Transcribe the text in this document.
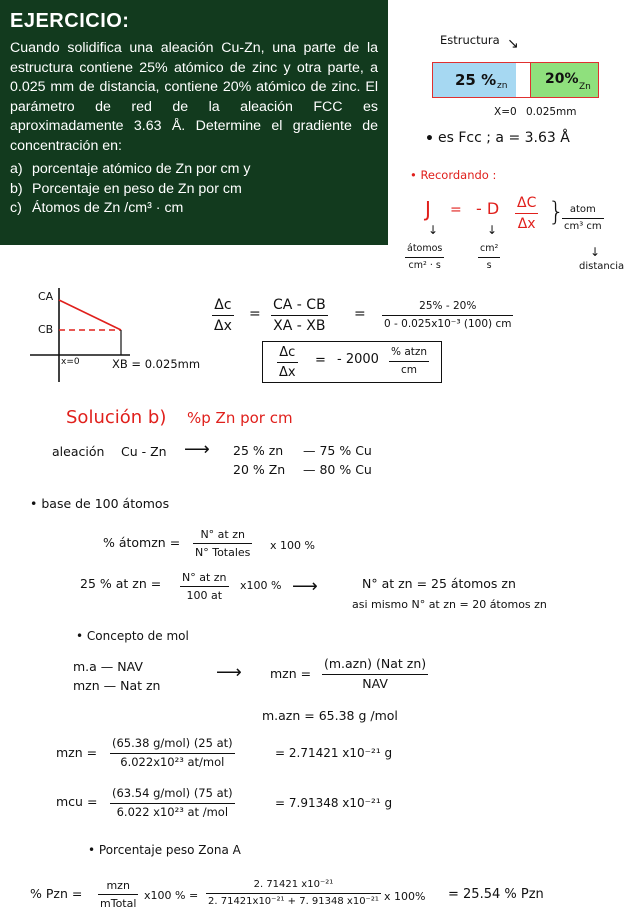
EJERCICIO:
Cuando solidifica una aleación Cu-Zn, una parte de la estructura contiene 25% atómico de zinc y otra parte, a 0.025 mm de distancia, contiene 20% atómico de zinc. El parámetro de red de la aleación FCC es aproximadamente 3.63 Å. Determine el gradiente de concentración en:
a) porcentaje atómico de Zn por cm y
b) Porcentaje en peso de Zn por cm
c) Átomos de Zn /cm³ · cm
Estructura ↘
25 % zn	20% Zn
X=0 0.025mm
• es Fcc ; a = 3.63 Å
• Recordando :
J = - D $\frac{\Delta C}{\Delta x}$ } atom
cm³ cm
↓	↓
↓
átomos
cm² · s	$\frac{\text{cm²}}{s}$	distancia
CA
CB
x=0	XB = 0.025mm
$\frac{\Delta c}{\Delta x} = \frac{CA - CB}{XA - XB} = \frac{25\% - 20\%}{\text{0 - 0.025x10⁻³ (100) cm}}$
$\frac{\Delta c}{\Delta x}$ = - 2000 % atzn
cm
Solución b) %p Zn por cm
aleación Cu - Zn ⟶ 25 % zn — 75 % Cu
20 % Zn — 80 % Cu
• base de 100 átomos
% átomzn =
N° at zn
N° Totales
x 100 %
25 % at zn = $\frac{\text{N° at zn}}{100 at} x100$ % ⟶	N° at zn = 25 átomos zn
asi mismo N° at zn = 20 átomos zn
• Concepto de mol
m.a — NAV
mzn — Nat zn
⟶ mzn =
(m.azn) (Nat zn)
NAV
m.azn = 65.38 g /mol
mzn =
(65.38 g/mol) (25 at)
6.022x10²³ at/mol
= 2.71421 x10⁻²¹ g
mcu =
(63.54 g/mol) (75 at)
6.022 x10²³ at /mol
= 7.91348 x10⁻²¹ g
• Porcentaje peso Zona A
% Pzn =
mzn
mTotal
x100 % = $\frac{\text{2. 71421 x10⁻²¹}}{\text{2. 71421x10⁻²¹ + 7. 91348 x10⁻²¹}}$ x 100% = 25.54 % Pzn
